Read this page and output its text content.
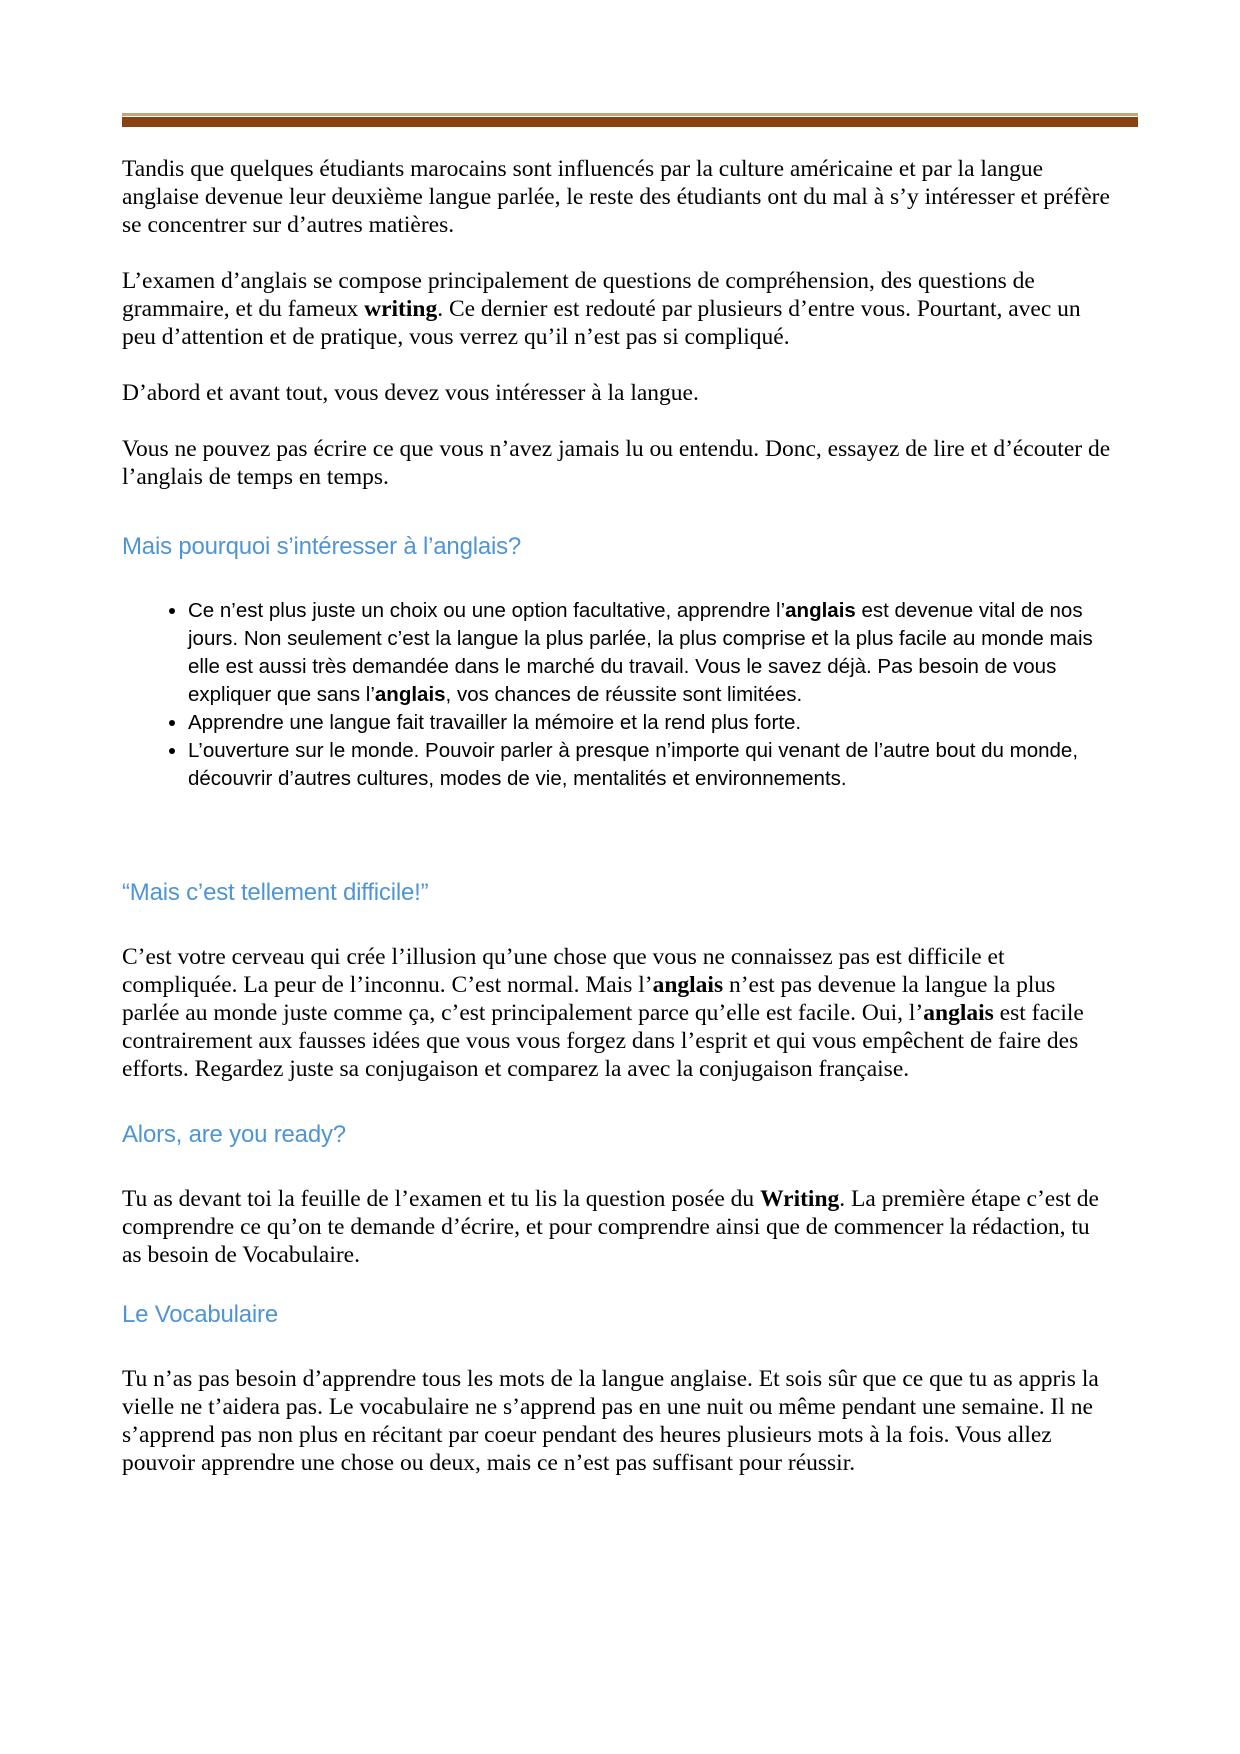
Tandis que quelques étudiants marocains sont influencés par la culture américaine et par la langue anglaise devenue leur deuxième langue parlée, le reste des étudiants ont du mal à s’y intéresser et préfère se concentrer sur d’autres matières.

L’examen d’anglais se compose principalement de questions de compréhension, des questions de grammaire, et du fameux writing. Ce dernier est redouté par plusieurs d’entre vous. Pourtant, avec un peu d’attention et de pratique, vous verrez qu’il n’est pas si compliqué.

D’abord et avant tout, vous devez vous intéresser à la langue.

Vous ne pouvez pas écrire ce que vous n’avez jamais lu ou entendu. Donc, essayez de lire et d’écouter de l’anglais de temps en temps.

Mais pourquoi s’intéresser à l’anglais?
• Ce n’est plus juste un choix ou une option facultative, apprendre l’anglais est devenue vital de nos jours. Non seulement c’est la langue la plus parlée, la plus comprise et la plus facile au monde mais elle est aussi très demandée dans le marché du travail. Vous le savez déjà. Pas besoin de vous expliquer que sans l’anglais, vos chances de réussite sont limitées.
• Apprendre une langue fait travailler la mémoire et la rend plus forte.
• L’ouverture sur le monde. Pouvoir parler à presque n’importe qui venant de l’autre bout du monde, découvrir d’autres cultures, modes de vie, mentalités et environnements.
“Mais c’est tellement difficile!”

C’est votre cerveau qui crée l’illusion qu’une chose que vous ne connaissez pas est difficile et compliquée. La peur de l’inconnu. C’est normal. Mais l’anglais n’est pas devenue la langue la plus parlée au monde juste comme ça, c’est principalement parce qu’elle est facile. Oui, l’anglais est facile contrairement aux fausses idées que vous vous forgez dans l’esprit et qui vous empêchent de faire des efforts. Regardez juste sa conjugaison et comparez la avec la conjugaison française.

Alors, are you ready?

Tu as devant toi la feuille de l’examen et tu lis la question posée du Writing. La première étape c’est de comprendre ce qu’on te demande d’écrire, et pour comprendre ainsi que de commencer la rédaction, tu as besoin de Vocabulaire.

Le Vocabulaire

Tu n’as pas besoin d’apprendre tous les mots de la langue anglaise. Et sois sûr que ce que tu as appris la vielle ne t’aidera pas. Le vocabulaire ne s’apprend pas en une nuit ou même pendant une semaine. Il ne s’apprend pas non plus en récitant par coeur pendant des heures plusieurs mots à la fois. Vous allez pouvoir apprendre une chose ou deux, mais ce n’est pas suffisant pour réussir.
